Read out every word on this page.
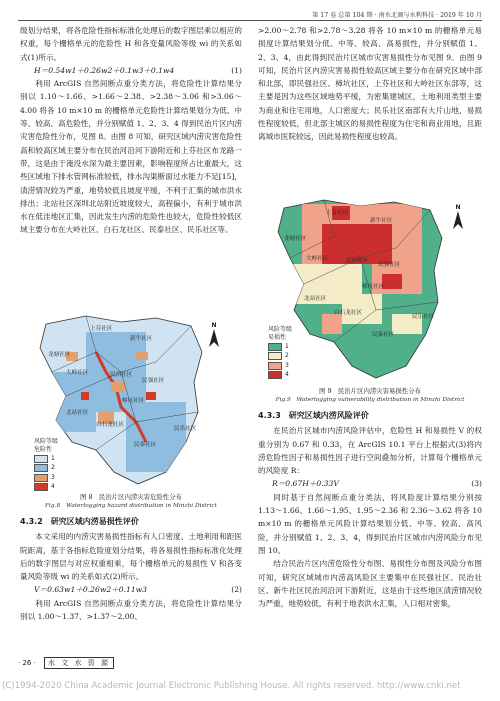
第 17 卷 总第 104 期 · 南水北调与水利科技 · 2019 年 10 月

级划分结果，将各危险性指标标准化处理后的数字图层乘以相应的权重，每个栅格单元的危险性 H 和各变量风险等级 wi 的关系如式(1)所示。

H＝0.54w1＋0.26w2＋0.1w3＋0.1w4	(1)

利用 ArcGIS 自然间断点重分类方法，将危险性计算结果分别以 1.10～1.66、>1.66～2.38、>2.38～3.06 和>3.06～4.00 将各 10 m×10 m 的栅格单元危险性计算结果划分为低、中等、较高、高危险性，并分别赋值 1、2、3、4 得到民治片区内涝灾害危险性分布，见图 8。由图 8 可知，研究区域内涝灾害危险性高和较高区域主要分布在民治河沿河下游附近和上芬社区布龙路一带，这是由于淹没水深为最主要因素，影响程度所占比重最大，这些区域地下排水管网标准较低，排水沟渠断面过水能力不足[15]，渍涝情况较为严重，地势较低且坡度平缓，不利于汇集的城市洪水排出；北站社区深圳北站附近坡度较大，高程偏小，有利于城市洪水在低洼地区汇集，因此发生内涝的危险性也较大，危险性较低区域主要分布在大岭社区、白石龙社区、民泰社区、民乐社区等。

上芬社区
新牛社区
龙塘社区
大岭社区	民治社区
民强社区
樟坑社区
北站社区
白石龙社区
民乐社区
民泰社区
N
风险等级
危险性
1
2
3
4
图 8　民治片区内涝灾害危险性分布
Fig.8　Waterlogging hazard distribution in Minzhi District
4.3.2　研究区域内涝易损性评价

本文采用的内涝灾害易损性指标有人口密度、土地利用和距医院距离，基于各指标危险度划分结果，将各易损性指标标准化处理后的数字图层与对应权重相乘，每个栅格单元的易损性 V 和各变量风险等级 wi 的关系如式(2)所示。

V＝0.63w1＋0.26w2＋0.11w3	(2)

利用 ArcGIS 自然间断点重分类方法，将危险性计算结果分别以 1.00～1.37、>1.37～2.00、

>2.00～2.78 和>2.78～3.28 将各 10 m×10 m 的栅格单元易损度计算结果划分低、中等、较高、高易损性，并分别赋值 1、2、3、4，由此得到民治片区城市灾害易损性分布见图 9。由图 9 可知，民治片区内涝灾害易损性较高区域主要分布在研究区域中部和北部，即民强社区、樟坑社区，上芬社区和大岭社区东部等，这主要是因为这些区域地势平缓，为密集建城区，土地利用类型主要为商业和住宅用地，人口密度大；民乐社区南部有大片山地，易损性程度较低，但北部主城区的易损性程度为住宅和商业用地，且距离城市医院较远，因此易损性程度也较高。

上芬社区
新牛社区
龙塘社区
大岭社区	民治社区
民强社区
樟坑社区
北站社区
白石龙社区
民乐社区
民泰社区
N
风险等级
易损性
1
2
3
4
图 9　民治片区内涝灾害易损性分布
Fig.9　Waterlogging vulnerability distribution in Minzhi District
4.3.3　研究区域内涝风险评价

在民治片区城市内涝风险评估中，危险性 H 和易损性 V 的权重分别为 0.67 和 0.33，在 ArcGIS 10.1 平台上根据式(3)将内涝危险性因子和易损性因子进行空间叠加分析，计算每个栅格单元的风险度 R：

R＝0.67H＋0.33V	(3)

同时基于自然间断点重分类法，将风险度计算结果分别按 1.13～1.66、1.66～1.95、1.95～2.36 和 2.36～3.62 将各 10 m×10 m 的栅格单元风险计算结果划分低、中等、较高、高风险，并分别赋值 1、2、3、4，得到民治片区城市内涝风险分布见图 10。

结合民治片区内涝危险性分布图、易损性分布图及风险分布图可知，研究区域城市内涝高风险区主要集中在民强社区、民治社区、新牛社区民治河沿河下游附近，这是由于这些地区渍涝情况较为严重，地势较低，有利于地表洪水汇集，人口相对密集，

· 26 · 水 文 水 资 源
(C)1994-2020 China Academic Journal Electronic Publishing House. All rights reserved. http://www.cnki.net
